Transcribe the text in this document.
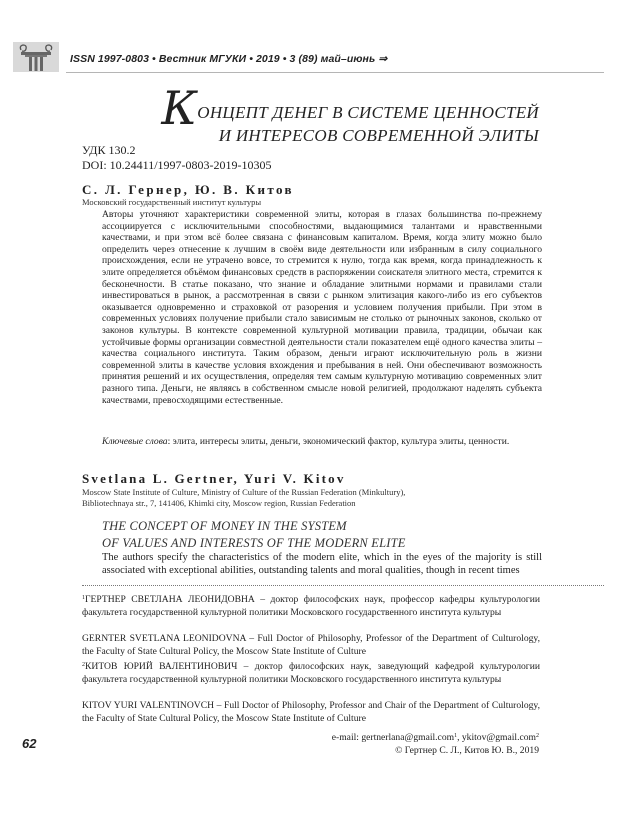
ISSN 1997-0803 • Вестник МГУКИ • 2019 • 3 (89) май–июнь ⇒
КОНЦЕПТ ДЕНЕГ В СИСТЕМЕ ЦЕННОСТЕЙ
И ИНТЕРЕСОВ СОВРЕМЕННОЙ ЭЛИТЫ
УДК 130.2
DOI: 10.24411/1997-0803-2019-10305
С. Л. Гернер, Ю. В. Китов
Московский государственный институт культуры
Авторы уточняют характеристики современной элиты, которая в глазах большинства по-прежнему ассоциируется с исключительными способностями, выдающимися талантами и нравственными качествами, и при этом всё более связана с финансовым капиталом. Время, когда элиту можно было определить через отнесение к лучшим в своём виде деятельности или избранным в силу социального происхождения, если не утрачено вовсе, то стремится к нулю, тогда как время, когда принадлежность к элите определяется объёмом финансовых средств в распоряжении соискателя элитного места, стремится к бесконечности. В статье показано, что знание и обладание элитными нормами и правилами стали инвестироваться в рынок, а рассмотренная в связи с рынком элитизация какого-либо из его субъектов оказывается одновременно и страховкой от разорения и условием получения прибыли. При этом в современных условиях получение прибыли стало зависимым не столько от рыночных законов, сколько от законов культуры. В контексте современной культурной мотивации правила, традиции, обычаи как устойчивые формы организации совместной деятельности стали показателем ещё одного качества элиты – качества социального института. Таким образом, деньги играют исключительную роль в жизни современной элиты в качестве условия вхождения и пребывания в ней. Они обеспечивают возможность принятия решений и их осуществления, определяя тем самым культурную мотивацию современных элит разного типа. Деньги, не являясь в собственном смысле новой религией, продолжают наделять субъекта качествами, превосходящими естественные.
Ключевые слова: элита, интересы элиты, деньги, экономический фактор, культура элиты, ценности.
Svetlana L. Gertner, Yuri V. Kitov
Moscow State Institute of Culture, Ministry of Culture of the Russian Federation (Minkultury),
Bibliotechnaya str., 7, 141406, Khimki city, Moscow region, Russian Federation
THE CONCEPT OF MONEY IN THE SYSTEM
OF VALUES AND INTERESTS OF THE MODERN ELITE
The authors specify the characteristics of the modern elite, which in the eyes of the majority is still associated with exceptional abilities, outstanding talents and moral qualities, though in recent times
$^1$ГЕРТНЕР СВЕТЛАНА ЛЕОНИДОВНА – доктор философских наук, профессор кафедры культурологии факультета государственной культурной политики Московского государственного института культуры
GERNTER SVETLANA LEONIDOVNA – Full Doctor of Philosophy, Professor of the Department of Culturology, the Faculty of State Cultural Policy, the Moscow State Institute of Culture
$^2$КИТОВ ЮРИЙ ВАЛЕНТИНОВИЧ – доктор философских наук, заведующий кафедрой культурологии факультета государственной культурной политики Московского государственного института культуры
KITOV YURI VALENTINOVCH – Full Doctor of Philosophy, Professor and Chair of the Department of Culturology, the Faculty of State Cultural Policy, the Moscow State Institute of Culture
62	e-mail: gertnerlana@gmail.com$^1$, ykitov@gmail.com$^2$
© Гертнер С. Л., Китов Ю. В., 2019
